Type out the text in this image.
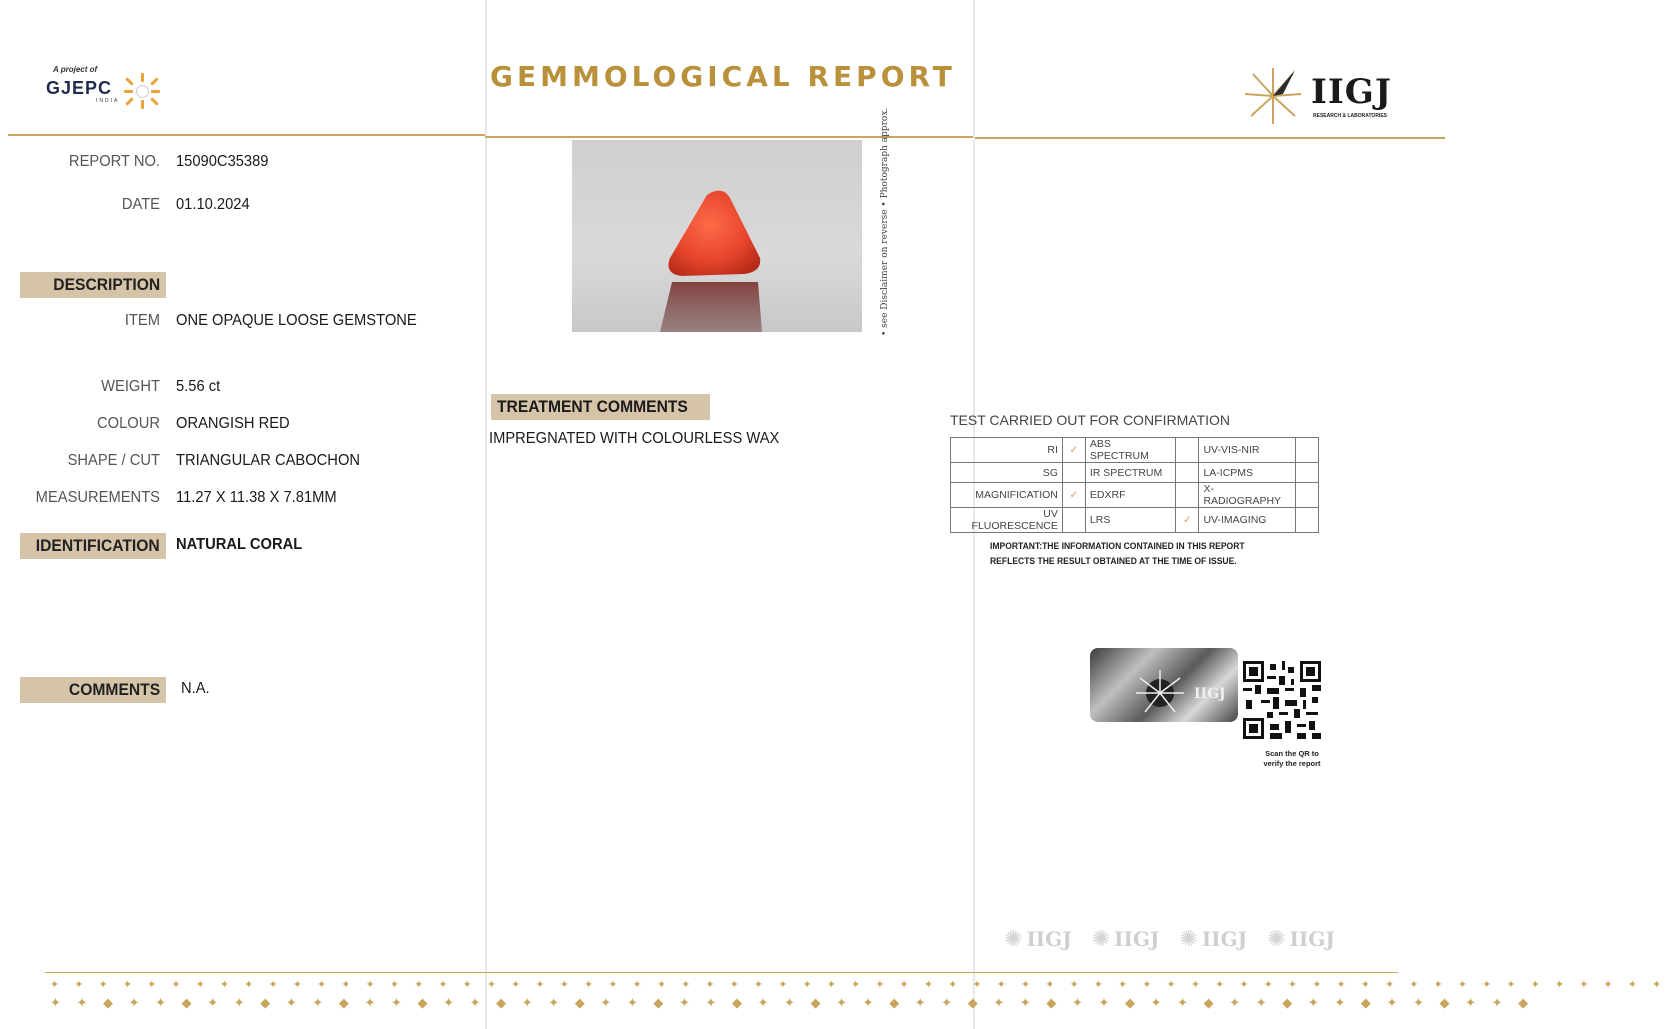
A project of
GJEPC
INDIA
GEMMOLOGICAL REPORT	IIGJ
RESEARCH & LABORATORIES
REPORT NO. 15090C35389
DATE 01.10.2024
DESCRIPTION
ITEM ONE OPAQUE LOOSE GEMSTONE
WEIGHT 5.56 ct
COLOUR ORANGISH RED
SHAPE / CUT TRIANGULAR CABOCHON
MEASUREMENTS 11.27 X 11.38 X 7.81MM
IDENTIFICATION NATURAL CORAL
COMMENTS N.A.
• see Disclaimer on reverse • Photograph approx.
TREATMENT COMMENTS
IMPREGNATED WITH COLOURLESS WAX
TEST CARRIED OUT FOR CONFIRMATION
RI	✓	ABS SPECTRUM		UV-VIS-NIR	
SG		IR SPECTRUM		LA-ICPMS	
MAGNIFICATION	✓	EDXRF		X-RADIOGRAPHY	
UV FLUORESCENCE		LRS	✓	UV-IMAGING	
IMPORTANT:THE INFORMATION CONTAINED IN THIS REPORT REFLECTS THE RESULT OBTAINED AT THE TIME OF ISSUE.
IIGJ
Scan the QR to
verify the report
✺ IIGJ ✺ IIGJ ✺ IIGJ ✺ IIGJ
✦ ✦ ✦ ✦ ✦ ✦ ✦ ✦ ✦ ✦ ✦ ✦ ✦ ✦ ✦ ✦ ✦ ✦ ✦ ✦ ✦ ✦ ✦ ✦ ✦ ✦ ✦ ✦ ✦ ✦ ✦ ✦ ✦ ✦ ✦ ✦ ✦ ✦ ✦ ✦ ✦ ✦ ✦ ✦ ✦ ✦ ✦ ✦ ✦ ✦ ✦ ✦ ✦ ✦ ✦ ✦ ✦ ✦ ✦ ✦ ✦ ✦ ✦ ✦ ✦ ✦ ✦
✦ ✦ ◆ ✦ ✦ ◆ ✦ ✦ ◆ ✦ ✦ ◆ ✦ ✦ ◆ ✦ ✦ ◆ ✦ ✦ ◆ ✦ ✦ ◆ ✦ ✦ ◆ ✦ ✦ ◆ ✦ ✦ ◆ ✦ ✦ ◆ ✦ ✦ ◆ ✦ ✦ ◆ ✦ ✦ ◆ ✦ ✦ ◆ ✦ ✦ ◆ ✦ ✦ ◆ ✦ ✦ ◆
